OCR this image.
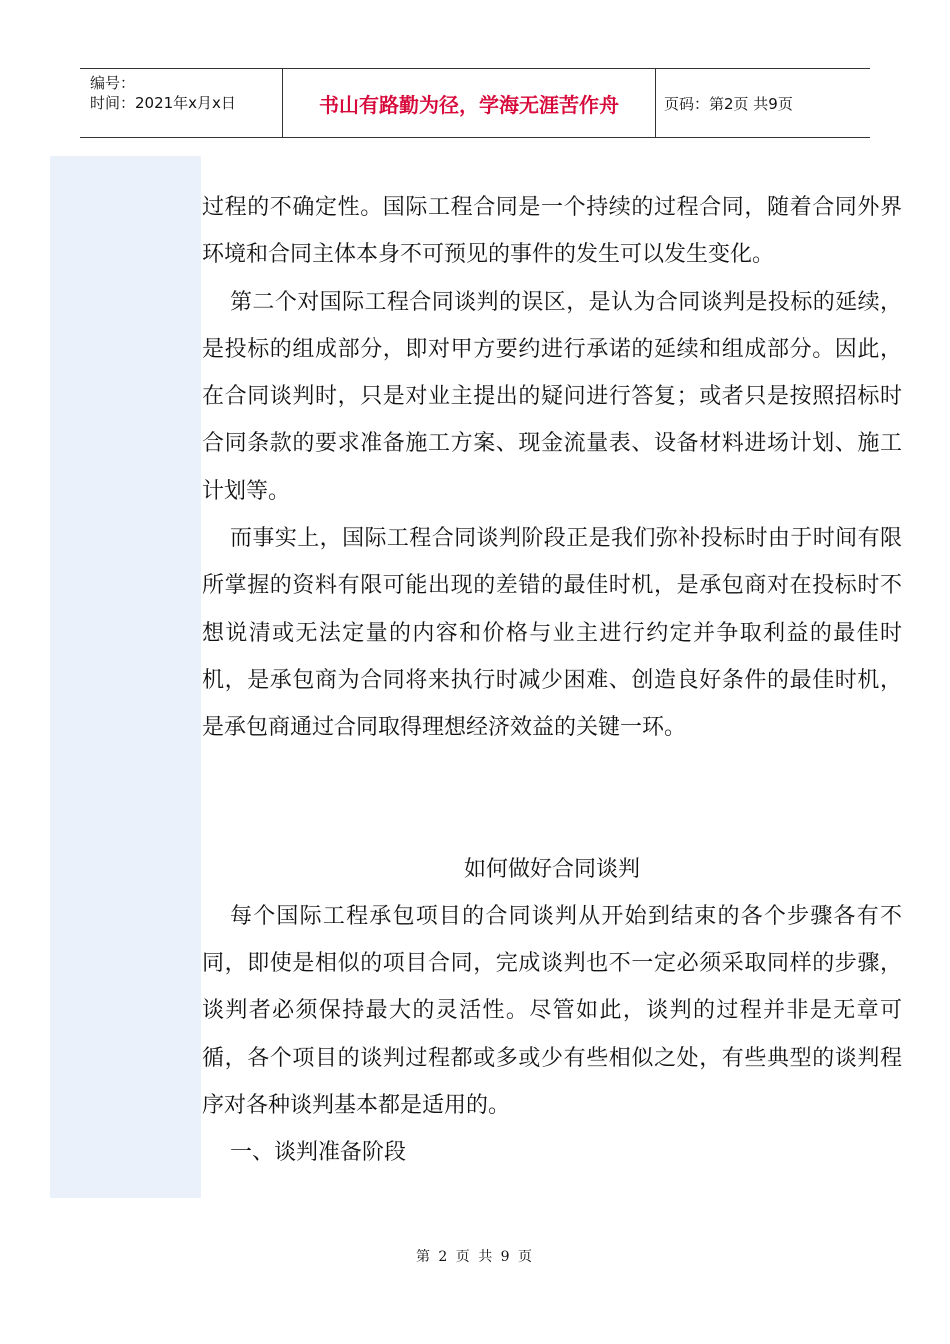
编号：
时间：2021年x月x日	书山有路勤为径，学海无涯苦作舟	页码：第2页 共9页

过程的不确定性。国际工程合同是一个持续的过程合同，随着合同外界环境和合同主体本身不可预见的事件的发生可以发生变化。

第二个对国际工程合同谈判的误区，是认为合同谈判是投标的延续，是投标的组成部分，即对甲方要约进行承诺的延续和组成部分。因此，在合同谈判时，只是对业主提出的疑问进行答复；或者只是按照招标时合同条款的要求准备施工方案、现金流量表、设备材料进场计划、施工计划等。

而事实上，国际工程合同谈判阶段正是我们弥补投标时由于时间有限所掌握的资料有限可能出现的差错的最佳时机，是承包商对在投标时不想说清或无法定量的内容和价格与业主进行约定并争取利益的最佳时机，是承包商为合同将来执行时减少困难、创造良好条件的最佳时机，是承包商通过合同取得理想经济效益的关键一环。

如何做好合同谈判

每个国际工程承包项目的合同谈判从开始到结束的各个步骤各有不同，即使是相似的项目合同，完成谈判也不一定必须采取同样的步骤，谈判者必须保持最大的灵活性。尽管如此，谈判的过程并非是无章可循，各个项目的谈判过程都或多或少有些相似之处，有些典型的谈判程序对各种谈判基本都是适用的。

一、谈判准备阶段

第 2 页 共 9 页
